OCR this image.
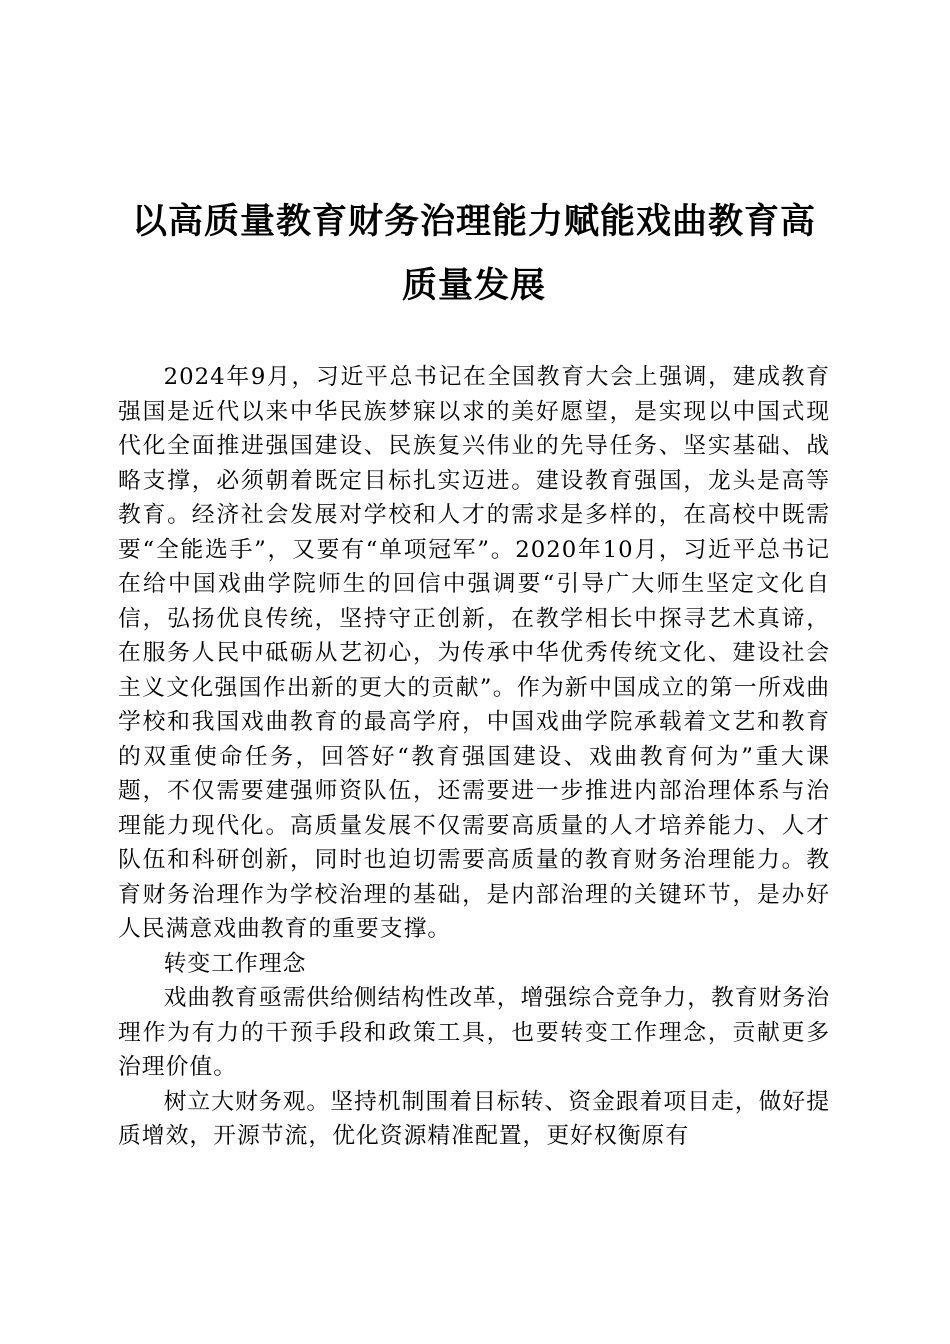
以高质量教育财务治理能力赋能戏曲教育高质量发展

2024年9月，习近平总书记在全国教育大会上强调，建成教育强国是近代以来中华民族梦寐以求的美好愿望，是实现以中国式现代化全面推进强国建设、民族复兴伟业的先导任务、坚实基础、战略支撑，必须朝着既定目标扎实迈进。建设教育强国，龙头是高等教育。经济社会发展对学校和人才的需求是多样的，在高校中既需要“全能选手”，又要有“单项冠军”。2020年10月，习近平总书记在给中国戏曲学院师生的回信中强调要“引导广大师生坚定文化自信，弘扬优良传统，坚持守正创新，在教学相长中探寻艺术真谛，在服务人民中砥砺从艺初心，为传承中华优秀传统文化、建设社会主义文化强国作出新的更大的贡献”。作为新中国成立的第一所戏曲学校和我国戏曲教育的最高学府，中国戏曲学院承载着文艺和教育的双重使命任务，回答好“教育强国建设、戏曲教育何为”重大课题，不仅需要建强师资队伍，还需要进一步推进内部治理体系与治理能力现代化。高质量发展不仅需要高质量的人才培养能力、人才队伍和科研创新，同时也迫切需要高质量的教育财务治理能力。教育财务治理作为学校治理的基础，是内部治理的关键环节，是办好人民满意戏曲教育的重要支撑。

转变工作理念

戏曲教育亟需供给侧结构性改革，增强综合竞争力，教育财务治理作为有力的干预手段和政策工具，也要转变工作理念，贡献更多治理价值。

树立大财务观。坚持机制围着目标转、资金跟着项目走，做好提质增效，开源节流，优化资源精准配置，更好权衡原有
